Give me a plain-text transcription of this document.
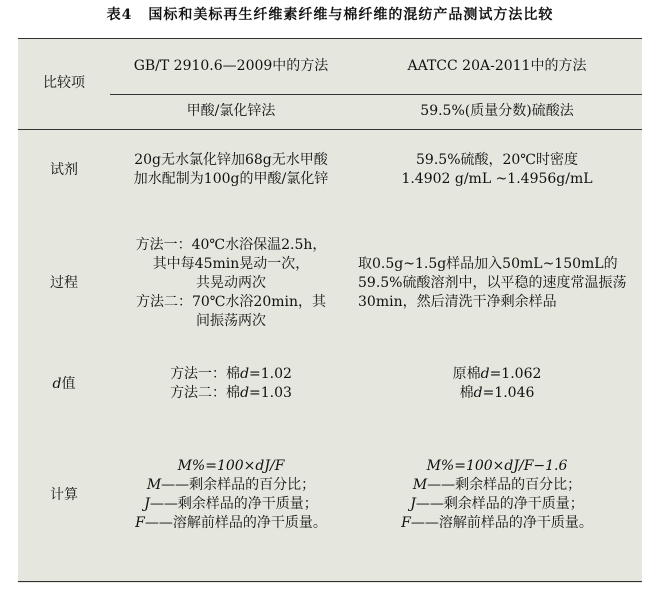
表4 国标和美标再生纤维素纤维与棉纤维的混纺产品测试方法比较
比较项
GB/T 2910.6—2009中的方法	AATCC 20A-2011中的方法
甲酸/氯化锌法	59.5%(质量分数)硫酸法
试剂
20g无水氯化锌加68g无水甲酸
加水配制为100g的甲酸/氯化锌
59.5%硫酸，20℃时密度
1.4902 g/mL ~1.4956g/mL
过程
方法一：40℃水浴保温2.5h，
其中每45min晃动一次，
共晃动两次
方法二：70℃水浴20min，其
间振荡两次
取0.5g~1.5g样品加入50mL~150mL的59.5%硫酸溶剂中，以平稳的速度常温振荡30min，然后清洗干净剩余样品
d值
方法一：棉d=1.02
方法二：棉d=1.03
原棉d=1.062
棉d=1.046
计算
M%=100×dJ/F
M——剩余样品的百分比；
J——剩余样品的净干质量；
F——溶解前样品的净干质量。
M%=100×dJ/F−1.6
M——剩余样品的百分比；
J——剩余样品的净干质量；
F——溶解前样品的净干质量。
